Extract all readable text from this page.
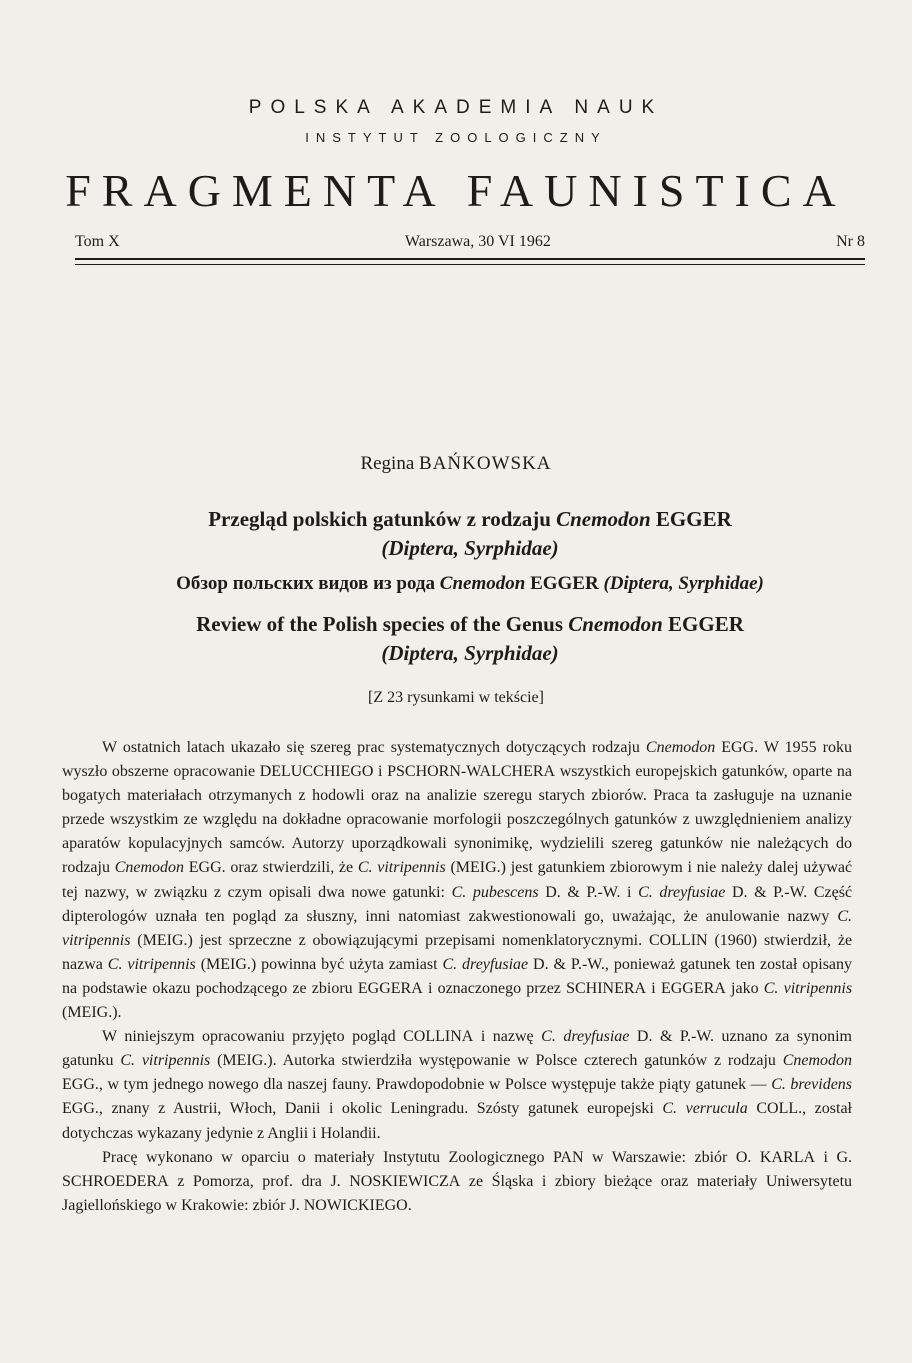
POLSKA AKADEMIA NAUK
INSTYTUT ZOOLOGICZNY
FRAGMENTA FAUNISTICA
Tom X	Warszawa, 30 VI 1962	Nr 8
Regina BAŃKOWSKA
Przegląd polskich gatunków z rodzaju Cnemodon EGGER
(Diptera, Syrphidae)
Обзор польских видов из рода Cnemodon EGGER (Diptera, Syrphidae)
Review of the Polish species of the Genus Cnemodon EGGER
(Diptera, Syrphidae)
[Z 23 rysunkami w tekście]

W ostatnich latach ukazało się szereg prac systematycznych dotyczących rodzaju Cnemodon EGG. W 1955 roku wyszło obszerne opracowanie DELUCCHIEGO i PSCHORN-WALCHERA wszystkich europejskich gatunków, oparte na bogatych materiałach otrzymanych z hodowli oraz na analizie szeregu starych zbiorów. Praca ta zasługuje na uznanie przede wszystkim ze względu na dokładne opracowanie morfologii poszczególnych gatunków z uwzględnieniem analizy aparatów kopulacyjnych samców. Autorzy uporządkowali synonimikę, wydzielili szereg gatunków nie należących do rodzaju Cnemodon EGG. oraz stwierdzili, że C. vitripennis (MEIG.) jest gatunkiem zbiorowym i nie należy dalej używać tej nazwy, w związku z czym opisali dwa nowe gatunki: C. pubescens D. & P.-W. i C. dreyfusiae D. & P.-W. Część dipterologów uznała ten pogląd za słuszny, inni natomiast zakwestionowali go, uważając, że anulowanie nazwy C. vitripennis (MEIG.) jest sprzeczne z obowiązującymi przepisami nomenklatorycznymi. COLLIN (1960) stwierdził, że nazwa C. vitripennis (MEIG.) powinna być użyta zamiast C. dreyfusiae D. & P.-W., ponieważ gatunek ten został opisany na podstawie okazu pochodzącego ze zbioru EGGERA i oznaczonego przez SCHINERA i EGGERA jako C. vitripennis (MEIG.).

W niniejszym opracowaniu przyjęto pogląd COLLINA i nazwę C. dreyfusiae D. & P.-W. uznano za synonim gatunku C. vitripennis (MEIG.). Autorka stwierdziła występowanie w Polsce czterech gatunków z rodzaju Cnemodon EGG., w tym jednego nowego dla naszej fauny. Prawdopodobnie w Polsce występuje także piąty gatunek — C. brevidens EGG., znany z Austrii, Włoch, Danii i okolic Leningradu. Szósty gatunek europejski C. verrucula COLL., został dotychczas wykazany jedynie z Anglii i Holandii.

Pracę wykonano w oparciu o materiały Instytutu Zoologicznego PAN w Warszawie: zbiór O. KARLA i G. SCHROEDERA z Pomorza, prof. dra J. NOSKIEWICZA ze Śląska i zbiory bieżące oraz materiały Uniwersytetu Jagiellońskiego w Krakowie: zbiór J. NOWICKIEGO.
